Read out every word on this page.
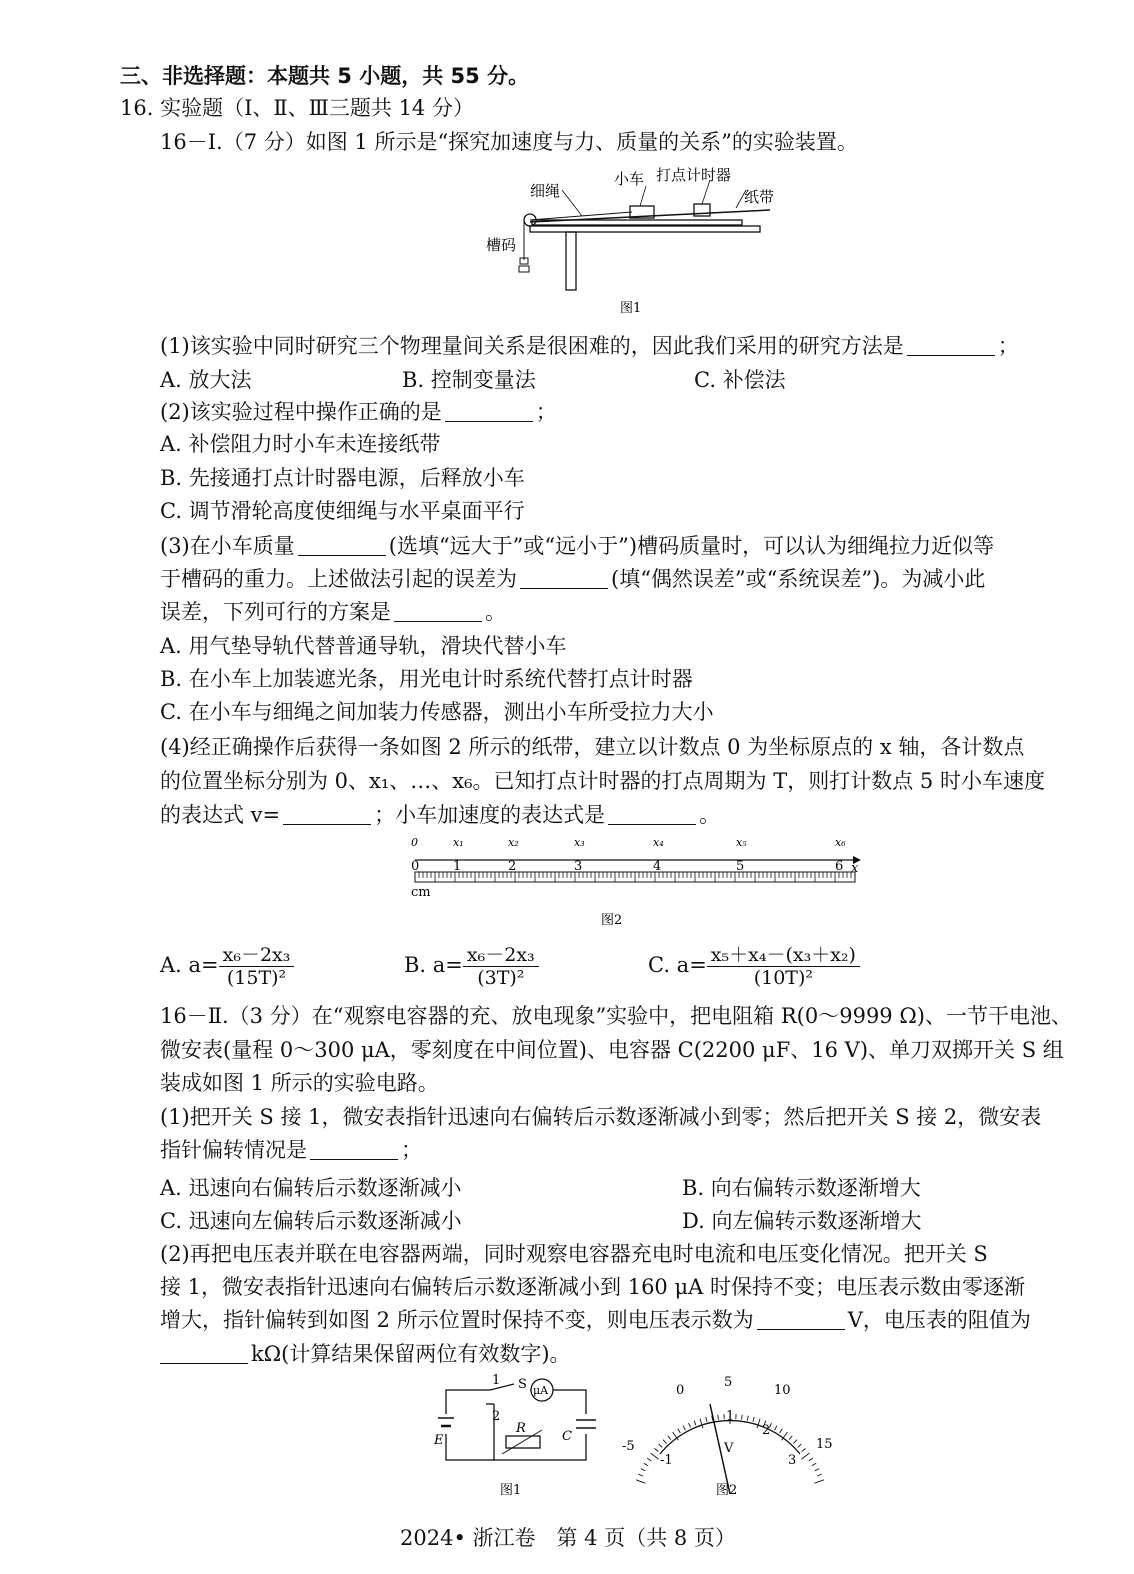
三、非选择题：本题共 5 小题，共 55 分。
16. 实验题（Ⅰ、Ⅱ、Ⅲ三题共 14 分）
16－Ⅰ.（7 分）如图 1 所示是“探究加速度与力、质量的关系”的实验装置。
细绳
小车 打点计时器
纸带
槽码
图1
(1)该实验中同时研究三个物理量间关系是很困难的，因此我们采用的研究方法是	；
A. 放大法	B. 控制变量法	C. 补偿法
(2)该实验过程中操作正确的是	；
A. 补偿阻力时小车未连接纸带
B. 先接通打点计时器电源，后释放小车
C. 调节滑轮高度使细绳与水平桌面平行
(3)在小车质量	(选填“远大于”或“远小于”)槽码质量时，可以认为细绳拉力近似等
于槽码的重力。上述做法引起的误差为	(填“偶然误差”或“系统误差”)。为减小此
误差，下列可行的方案是	。
A. 用气垫导轨代替普通导轨，滑块代替小车
B. 在小车上加装遮光条，用光电计时系统代替打点计时器
C. 在小车与细绳之间加装力传感器，测出小车所受拉力大小
(4)经正确操作后获得一条如图 2 所示的纸带，建立以计数点 0 为坐标原点的 x 轴，各计数点
的位置坐标分别为 0、x₁、…、x₆。已知打点计时器的打点周期为 T，则打计数点 5 时小车速度
的表达式 v=	；小车加速度的表达式是	。
0	x₁	x₂	x₃	x₄	x₅	x₆
0	1	2	3	4	5	6 x
cm
图2
A. $a= \frac{\text{x₆－2x₃}}{\text{(15T)²}}$	B. $a= \frac{\text{x₆－2x₃}}{\text{(3T)²}}$	C. $a= \frac{\text{x₅＋x₄－(x₃＋x₂)}}{\text{(10T)²}}$
16－Ⅱ.（3 分）在“观察电容器的充、放电现象”实验中，把电阻箱 R(0～9999 Ω)、一节干电池、
微安表(量程 0～300 μA，零刻度在中间位置)、电容器 C(2200 μF、16 V)、单刀双掷开关 S 组
装成如图 1 所示的实验电路。
(1)把开关 S 接 1，微安表指针迅速向右偏转后示数逐渐减小到零；然后把开关 S 接 2，微安表
指针偏转情况是	；
A. 迅速向右偏转后示数逐渐减小	B. 向右偏转示数逐渐增大
C. 迅速向左偏转后示数逐渐减小	D. 向左偏转示数逐渐增大
(2)再把电压表并联在电容器两端，同时观察电容器充电时电流和电压变化情况。把开关 S
接 1，微安表指针迅速向右偏转后示数逐渐减小到 160 μA 时保持不变；电压表示数由零逐渐
增大，指针偏转到如图 2 所示位置时保持不变，则电压表示数为	V，电压表的阻值为
kΩ(计算结果保留两位有效数字)。
1 S μA
2
R
C
E
图1
0
5
10
15
-5
-1
1
2
3
V
图2
2024• 浙江卷　第 4 页（共 8 页）
